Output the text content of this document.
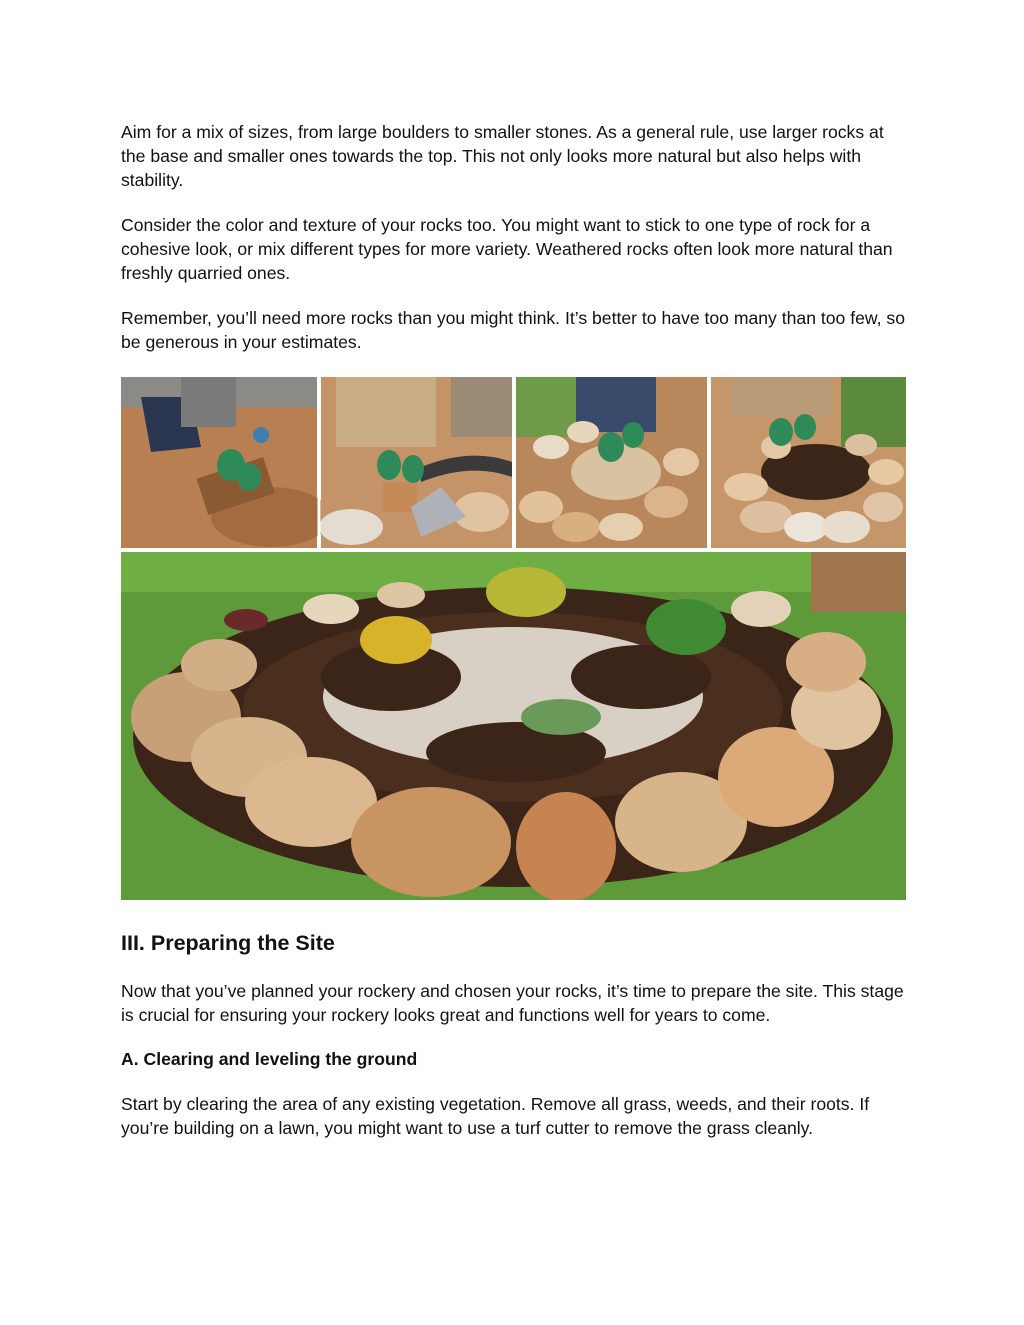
Aim for a mix of sizes, from large boulders to smaller stones. As a general rule, use larger rocks at the base and smaller ones towards the top. This not only looks more natural but also helps with stability.

Consider the color and texture of your rocks too. You might want to stick to one type of rock for a cohesive look, or mix different types for more variety. Weathered rocks often look more natural than freshly quarried ones.

Remember, you’ll need more rocks than you might think. It’s better to have too many than too few, so be generous in your estimates.

III. Preparing the Site

Now that you’ve planned your rockery and chosen your rocks, it’s time to prepare the site. This stage is crucial for ensuring your rockery looks great and functions well for years to come.

A. Clearing and leveling the ground

Start by clearing the area of any existing vegetation. Remove all grass, weeds, and their roots. If you’re building on a lawn, you might want to use a turf cutter to remove the grass cleanly.
